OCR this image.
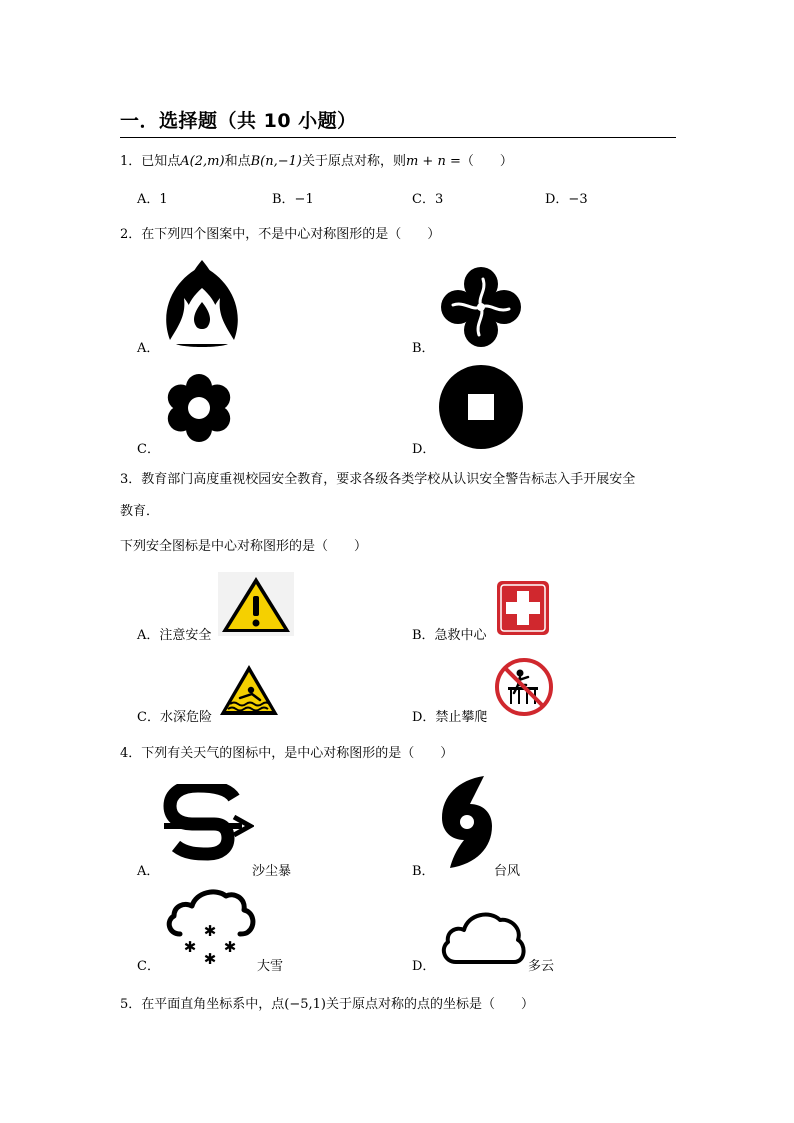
一．选择题（共 10 小题）
1．已知点A(2,m)和点B(n,−1)关于原点对称，则m + n =（　　）
A．1	B．−1	C．3	D．−3
2．在下列四个图案中，不是中心对称图形的是（　　）
A．	B．
C．	D．
3．教育部门高度重视校园安全教育，要求各级各类学校从认识安全警告标志入手开展安全
教育．
下列安全图标是中心对称图形的是（　　）
A．注意安全	B．急救中心
C．水深危险	D．禁止攀爬
4．下列有关天气的图标中，是中心对称图形的是（　　）
A．	沙尘暴	B．	台风
✱
✱ ✱
✱
C．	大雪	D．	多云
5．在平面直角坐标系中，点(−5,1)关于原点对称的点的坐标是（　　）
